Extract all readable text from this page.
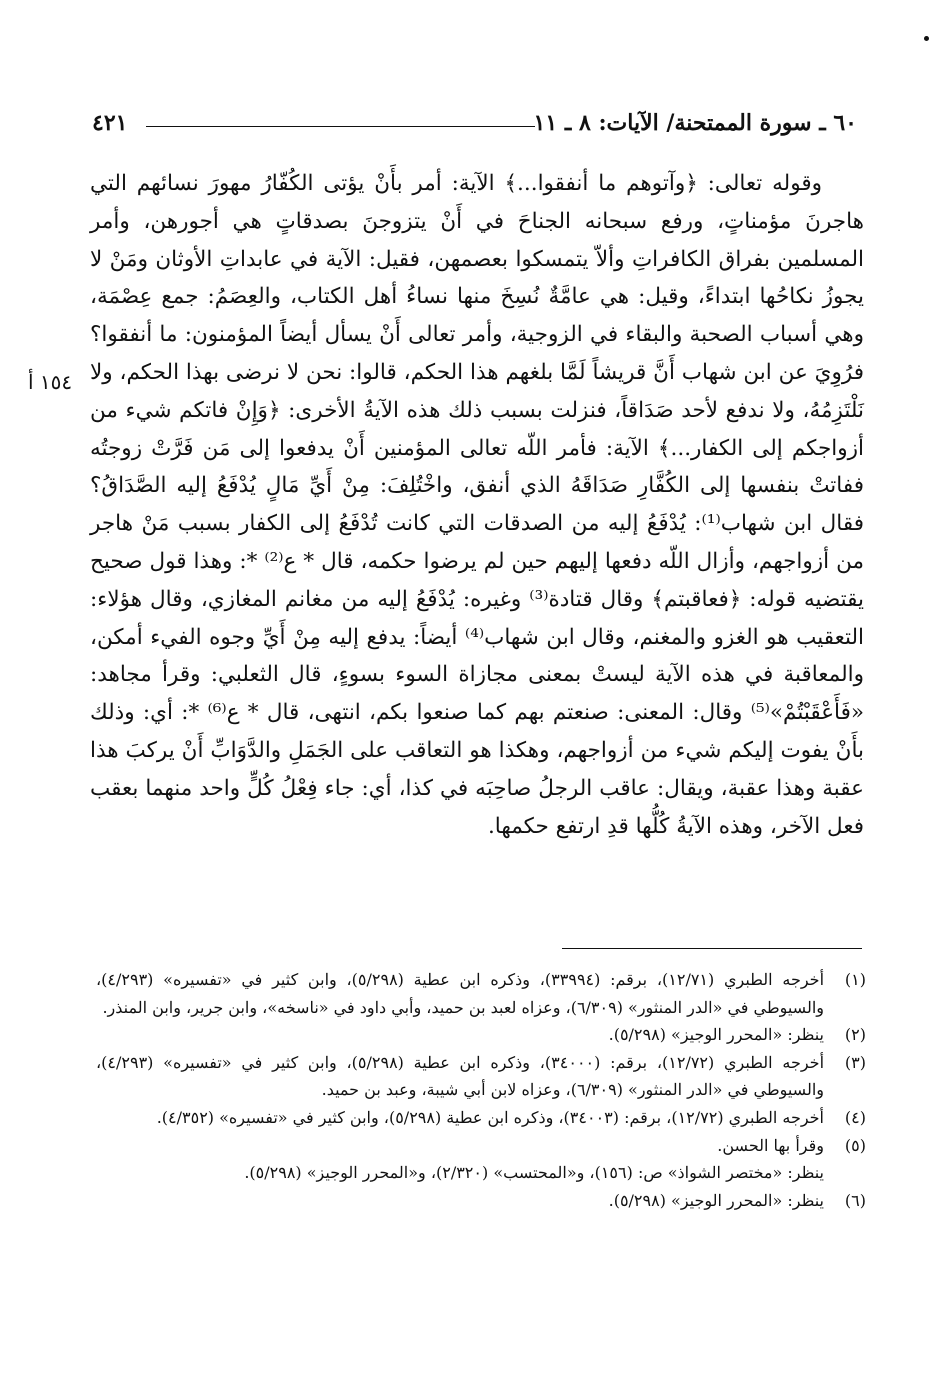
٦٠ ـ سورة الممتحنة/ الآيات: ٨ ـ ١١
٤٢١
١٥٤ أ

وقوله تعالى: ﴿وآتوهم ما أنفقوا...﴾ الآية: أمر بأَنْ يؤتى الكُفّارُ مهورَ نسائهم التي هاجرنَ مؤمناتٍ، ورفع سبحانه الجناحَ في أَنْ يتزوجنَ بصدقاتٍ هي أجورهن، وأمر المسلمين بفراق الكافراتِ وألاّ يتمسكوا بعصمهن، فقيل: الآية في عابداتِ الأوثان ومَنْ لا يجوزُ نكاحُها ابتداءً، وقيل: هي عامَّةٌ نُسِخَ منها نساءُ أهل الكتاب، والعِصَمُ: جمع عِصْمَة، وهي أسباب الصحبة والبقاء في الزوجية، وأمر تعالى أَنْ يسأل أيضاً المؤمنون: ما أنفقوا؟ فرُوِيَ عن ابن شهاب أَنَّ قريشاً لَمَّا بلغهم هذا الحكم، قالوا: نحن لا نرضى بهذا الحكم، ولا نَلْتَزِمُهُ، ولا ندفع لأحد صَدَاقاً، فنزلت بسبب ذلك هذه الآيةُ الأخرى: ﴿وَإِنْ فاتكم شيء من أزواجكم إلى الكفار...﴾ الآية: فأمر اللّه تعالى المؤمنين أَنْ يدفعوا إلى مَن فَرَّتْ زوجتُه ففاتتْ بنفسها إلى الكُفَّارِ صَدَاقَهُ الذي أنفق، واخْتُلِفَ: مِنْ أَيِّ مَالٍ يُدْفَعُ إليه الصَّدَاقُ؟ فقال ابن شهاب⁽¹⁾: يُدْفَعُ إليه من الصدقات التي كانت تُدْفَعُ إلى الكفار بسبب مَنْ هاجر من أزواجهم، وأزال اللّه دفعها إليهم حين لم يرضوا حكمه، قال * ع⁽²⁾ *: وهذا قول صحيح يقتضيه قوله: ﴿فعاقبتم﴾ وقال قتادة⁽³⁾ وغيره: يُدْفَعُ إليه من مغانم المغازي، وقال هؤلاء: التعقيب هو الغزو والمغنم، وقال ابن شهاب⁽⁴⁾ أيضاً: يدفع إليه مِنْ أَيِّ وجوه الفيء أمكن، والمعاقبة في هذه الآية ليستْ بمعنى مجازاة السوء بسوءٍ، قال الثعلبي: وقرأ مجاهد: «فَأَعْقَبْتُمْ»⁽⁵⁾ وقال: المعنى: صنعتم بهم كما صنعوا بكم، انتهى، قال * ع⁽⁶⁾ *: أي: وذلك بأَنْ يفوت إليكم شيء من أزواجهم، وهكذا هو التعاقب على الجَمَلِ والدَّوَابِّ أَنْ يركبَ هذا عقبة وهذا عقبة، ويقال: عاقب الرجلُ صاحِبَه في كذا، أي: جاء فِعْلُ كُلٍّ واحد منهما بعقب فعل الآخر، وهذه الآيةُ كُلُّها قدِ ارتفع حكمها.

(١)
أخرجه الطبري (١٢/٧١)، برقم: (٣٣٩٩٤)، وذكره ابن عطية (٥/٢٩٨)، وابن كثير في «تفسيره» (٤/٢٩٣)، والسيوطي في «الدر المنثور» (٦/٣٠٩)، وعزاه لعبد بن حميد، وأبي داود في «ناسخه»، وابن جرير، وابن المنذر.
(٢)
ينظر: «المحرر الوجيز» (٥/٢٩٨).
(٣)
أخرجه الطبري (١٢/٧٢)، برقم: (٣٤٠٠٠)، وذكره ابن عطية (٥/٢٩٨)، وابن كثير في «تفسيره» (٤/٢٩٣)، والسيوطي في «الدر المنثور» (٦/٣٠٩)، وعزاه لابن أبي شيبة، وعبد بن حميد.
(٤)
أخرجه الطبري (١٢/٧٢)، برقم: (٣٤٠٠٣)، وذكره ابن عطية (٥/٢٩٨)، وابن كثير في «تفسيره» (٤/٣٥٢).
(٥)
وقرأ بها الحسن.
ينظر: «مختصر الشواذ» ص: (١٥٦)، و«المحتسب» (٢/٣٢٠)، و«المحرر الوجيز» (٥/٢٩٨).
(٦)
ينظر: «المحرر الوجيز» (٥/٢٩٨).
